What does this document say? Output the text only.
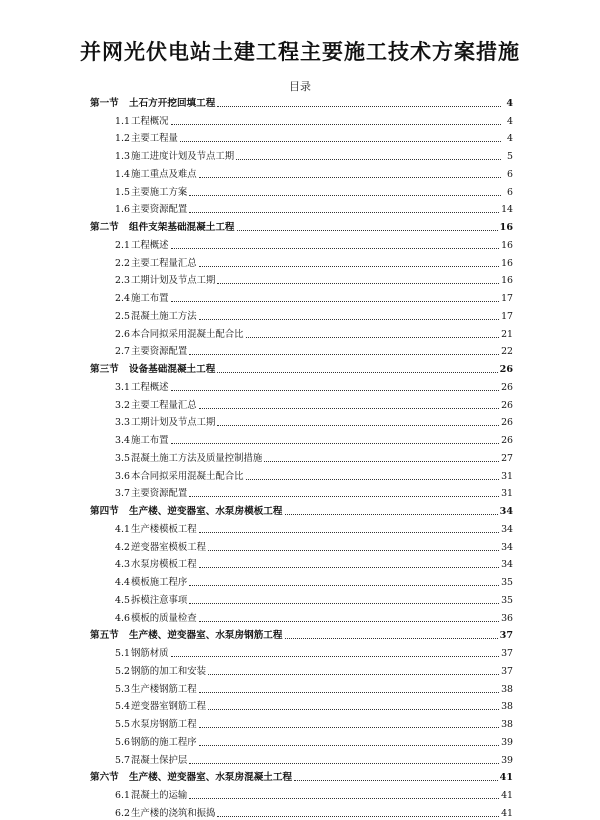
并网光伏电站土建工程主要施工技术方案措施
目录
第一节	土石方开挖回填工程	4
1.1 工程概况	4
1.2 主要工程量	4
1.3 施工进度计划及节点工期	5
1.4 施工重点及难点	6
1.5 主要施工方案	6
1.6 主要资源配置	14
第二节	组件支架基础混凝土工程	16
2.1 工程概述	16
2.2 主要工程量汇总	16
2.3 工期计划及节点工期	16
2.4 施工布置	17
2.5 混凝土施工方法	17
2.6 本合同拟采用混凝土配合比	21
2.7 主要资源配置	22
第三节	设备基础混凝土工程	26
3.1 工程概述	26
3.2 主要工程量汇总	26
3.3 工期计划及节点工期	26
3.4 施工布置	26
3.5 混凝土施工方法及质量控制措施	27
3.6 本合同拟采用混凝土配合比	31
3.7 主要资源配置	31
第四节	生产楼、逆变器室、水泵房模板工程	34
4.1 生产楼模板工程	34
4.2 逆变器室模板工程	34
4.3 水泵房模板工程	34
4.4 模板施工程序	35
4.5 拆模注意事项	35
4.6 模板的质量检查	36
第五节	生产楼、逆变器室、水泵房钢筋工程	37
5.1 钢筋材质	37
5.2 钢筋的加工和安装	37
5.3 生产楼钢筋工程	38
5.4 逆变器室钢筋工程	38
5.5 水泵房钢筋工程	38
5.6 钢筋的施工程序	39
5.7 混凝土保护层	39
第六节	生产楼、逆变器室、水泵房混凝土工程	41
6.1 混凝土的运输	41
6.2 生产楼的浇筑和振捣	41
